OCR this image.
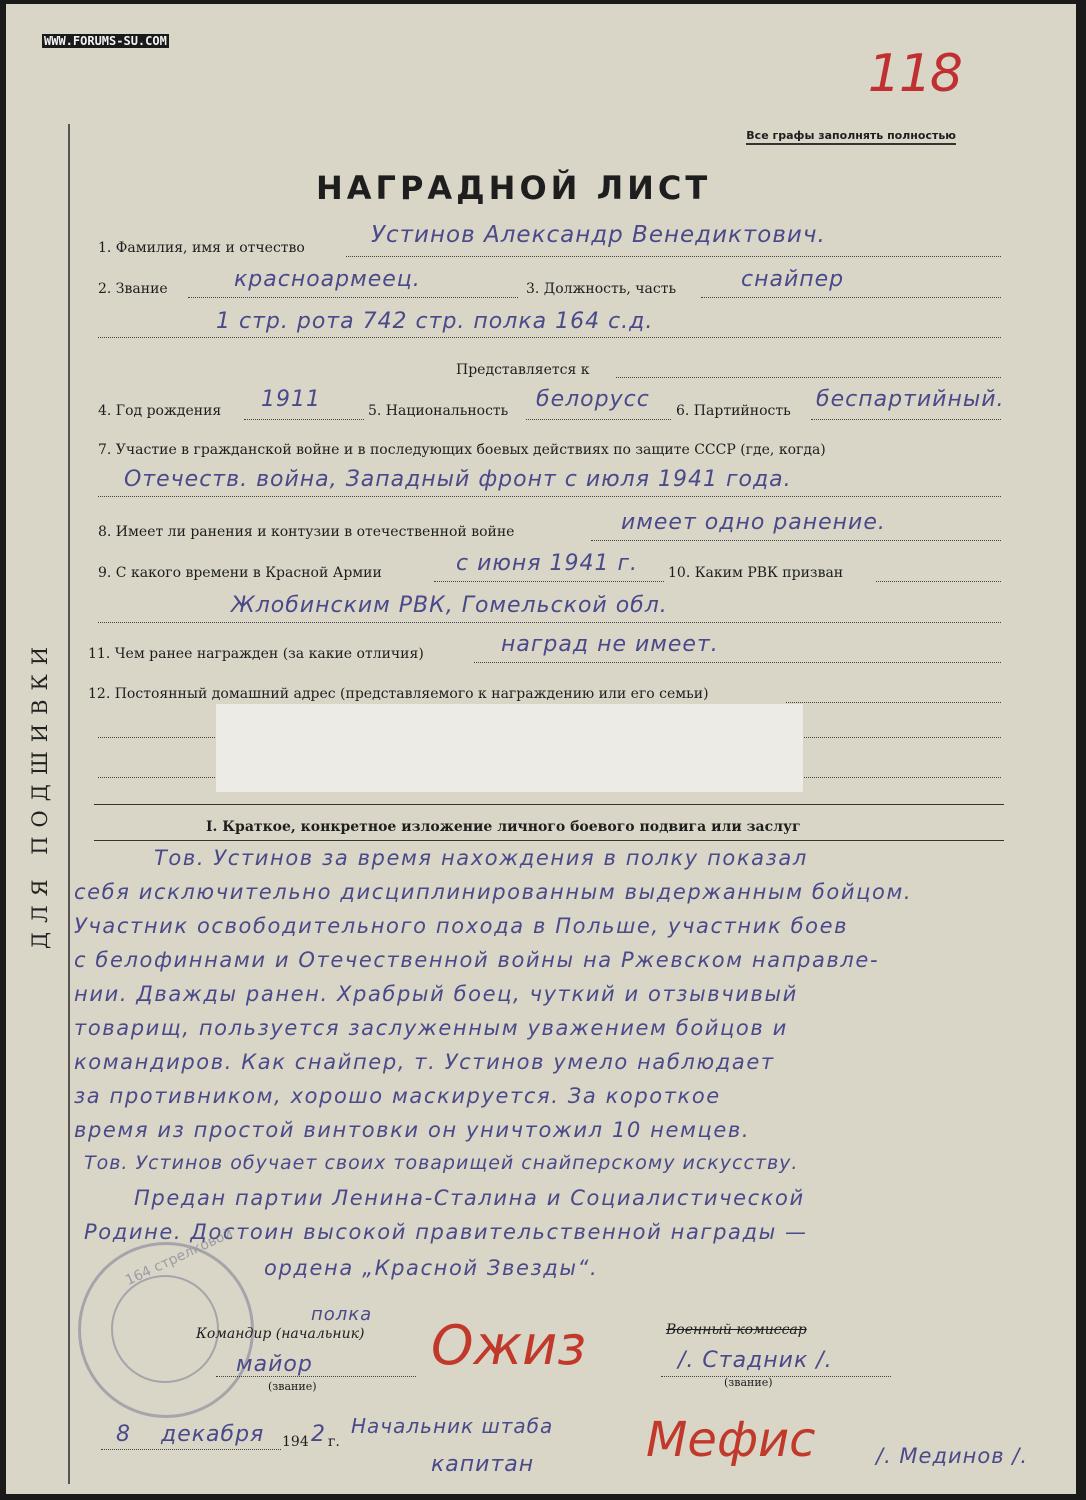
WWW.FORUMS-SU.COM
118
ДЛЯ ПОДШИВКИ
Все графы заполнять полностью
НАГРАДНОЙ ЛИСТ
1. Фамилия, имя и отчество	Устинов Александр Венедиктович.
2. Звание	красноармеец.	3. Должность, часть	снайпер
1 стр. рота 742 стр. полка 164 с.д.
Представляется к
4. Год рождения 1911	5. Национальность белорусс 6. Партийность беспартийный.
7. Участие в гражданской войне и в последующих боевых действиях по защите СССР (где, когда)
Отечеств. война, Западный фронт с июля 1941 года.
8. Имеет ли ранения и контузии в отечественной войне	имеет одно ранение.
9. С какого времени в Красной Армии	с июня 1941 г. 10. Каким РВК призван
Жлобинским РВК, Гомельской обл.
11. Чем ранее награжден (за какие отличия)	наград не имеет.
12. Постоянный домашний адрес (представляемого к награждению или его семьи)
I. Краткое, конкретное изложение личного боевого подвига или заслуг
Тов. Устинов за время нахождения в полку показал
себя исключительно дисциплинированным выдержанным бойцом.
Участник освободительного похода в Польше, участник боев
с белофиннами и Отечественной войны на Ржевском направле-
нии. Дважды ранен. Храбрый боец, чуткий и отзывчивый
товарищ, пользуется заслуженным уважением бойцов и
командиров. Как снайпер, т. Устинов умело наблюдает
за противником, хорошо маскируется. За короткое
время из простой винтовки он уничтожил 10 немцев.
Тов. Устинов обучает своих товарищей снайперскому искусству.
Предан партии Ленина-Сталина и Социалистической
Родине. Достоин высокой правительственной награды —
ордена „Красной Звезды“.
164 стрелковой
полка
Командир (начальник)	Военный комиссар
майор
(звание)
Ожиз	/. Стадник /.
(звание)
8 декабря 194 2 г.
Начальник штаба
капитан Мефис	/. Мединов /.
